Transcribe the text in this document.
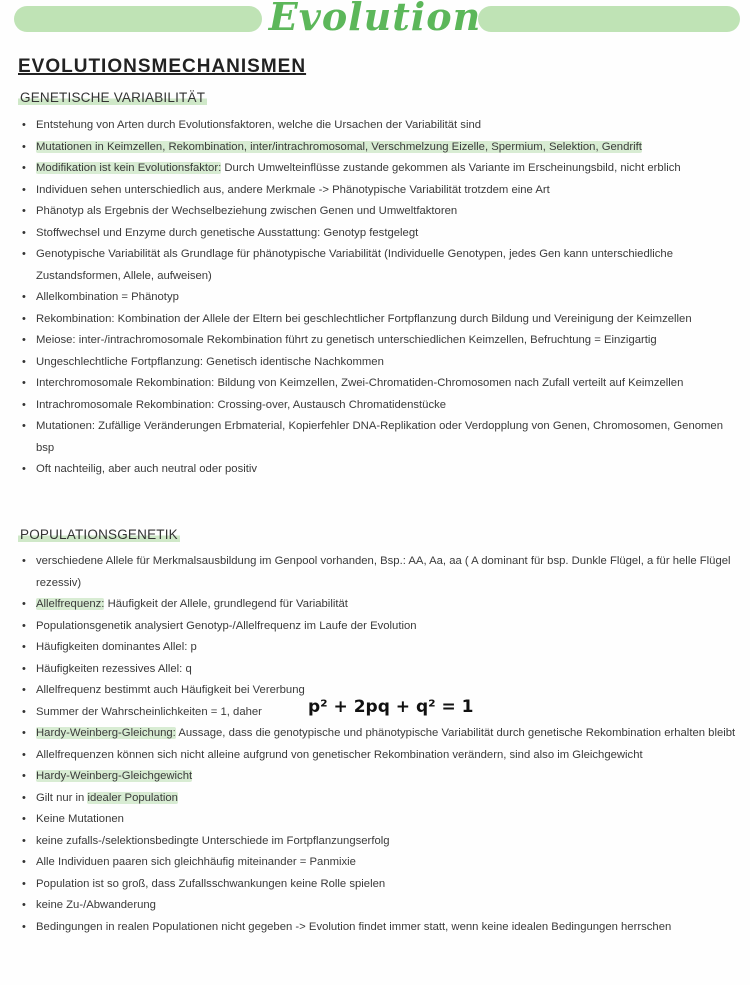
Evolution
EVOLUTIONSMECHANISMEN
GENETISCHE VARIABILITÄT
• Entstehung von Arten durch Evolutionsfaktoren, welche die Ursachen der Variabilität sind
• Mutationen in Keimzellen, Rekombination, inter/intrachromosomal, Verschmelzung Eizelle, Spermium, Selektion, Gendrift
• Modifikation ist kein Evolutionsfaktor: Durch Umwelteinflüsse zustande gekommen als Variante im Erscheinungsbild, nicht erblich
• Individuen sehen unterschiedlich aus, andere Merkmale -> Phänotypische Variabilität trotzdem eine Art
• Phänotyp als Ergebnis der Wechselbeziehung zwischen Genen und Umweltfaktoren
• Stoffwechsel und Enzyme durch genetische Ausstattung: Genotyp festgelegt
• Genotypische Variabilität als Grundlage für phänotypische Variabilität (Individuelle Genotypen, jedes Gen kann unterschiedliche Zustandsformen, Allele, aufweisen)
• Allelkombination = Phänotyp
• Rekombination: Kombination der Allele der Eltern bei geschlechtlicher Fortpflanzung durch Bildung und Vereinigung der Keimzellen
• Meiose: inter-/intrachromosomale Rekombination führt zu genetisch unterschiedlichen Keimzellen, Befruchtung = Einzigartig
• Ungeschlechtliche Fortpflanzung: Genetisch identische Nachkommen
• Interchromosomale Rekombination: Bildung von Keimzellen, Zwei-Chromatiden-Chromosomen nach Zufall verteilt auf Keimzellen
• Intrachromosomale Rekombination: Crossing-over, Austausch Chromatidenstücke
• Mutationen: Zufällige Veränderungen Erbmaterial, Kopierfehler DNA-Replikation oder Verdopplung von Genen, Chromosomen, Genomen bsp
• Oft nachteilig, aber auch neutral oder positiv
POPULATIONSGENETIK
• verschiedene Allele für Merkmalsausbildung im Genpool vorhanden, Bsp.: AA, Aa, aa ( A dominant für bsp. Dunkle Flügel, a für helle Flügel rezessiv)
• Allelfrequenz: Häufigkeit der Allele, grundlegend für Variabilität
• Populationsgenetik analysiert Genotyp-/Allelfrequenz im Laufe der Evolution
• Häufigkeiten dominantes Allel: p
• Häufigkeiten rezessives Allel: q
• Allelfrequenz bestimmt auch Häufigkeit bei Vererbung
• Summer der Wahrscheinlichkeiten = 1, daher
• Hardy-Weinberg-Gleichung: Aussage, dass die genotypische und phänotypische Variabilität durch genetische Rekombination erhalten bleibt
• Allelfrequenzen können sich nicht alleine aufgrund von genetischer Rekombination verändern, sind also im Gleichgewicht
• Hardy-Weinberg-Gleichgewicht
• Gilt nur in idealer Population
• Keine Mutationen
• keine zufalls-/selektionsbedingte Unterschiede im Fortpflanzungserfolg
• Alle Individuen paaren sich gleichhäufig miteinander = Panmixie
• Population ist so groß, dass Zufallsschwankungen keine Rolle spielen
• keine Zu-/Abwanderung
• Bedingungen in realen Populationen nicht gegeben -> Evolution findet immer statt, wenn keine idealen Bedingungen herrschen
p² + 2pq + q² = 1
